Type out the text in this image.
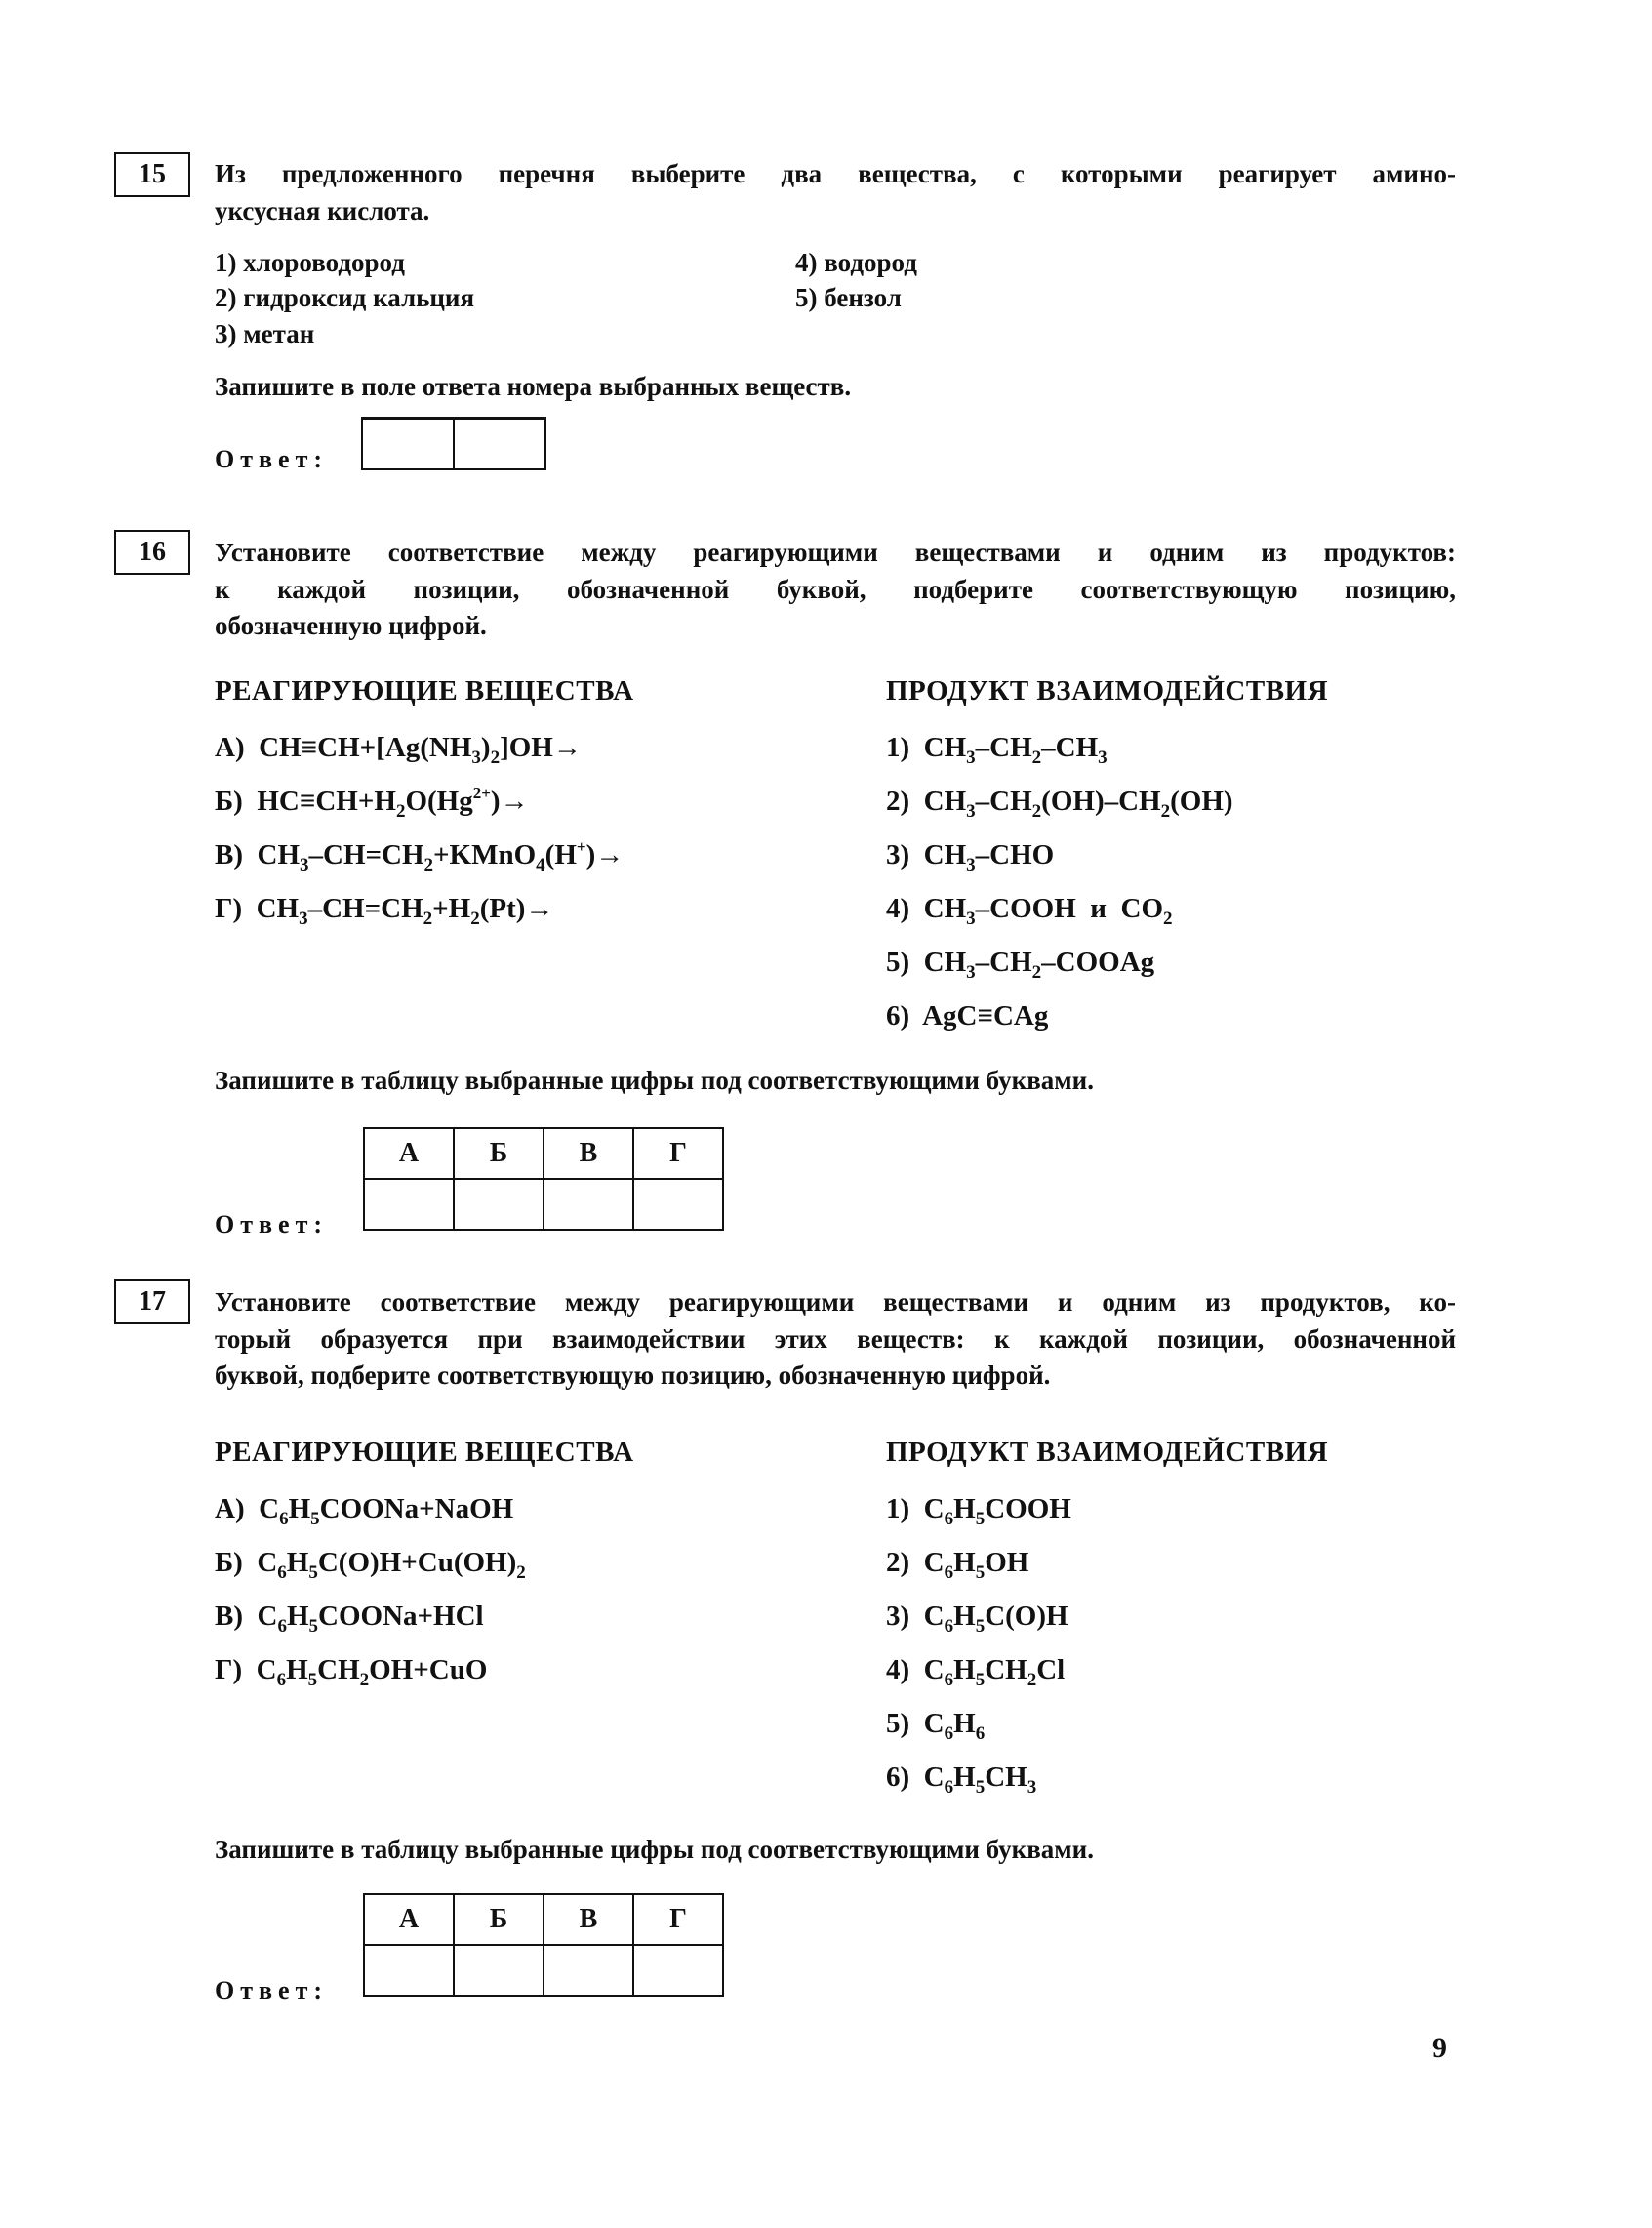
15	Из предложенного перечня выберите два вещества, с которыми реагирует амино-
уксусная кислота.
1) хлороводород
2) гидроксид кальция
3) метан
4) водород
5) бензол
Запишите в поле ответа номера выбранных веществ.
Ответ:
16	Установите соответствие между реагирующими веществами и одним из продуктов:
к каждой позиции, обозначенной буквой, подберите соответствующую позицию,
обозначенную цифрой.
РЕАГИРУЮЩИЕ ВЕЩЕСТВА	ПРОДУКТ ВЗАИМОДЕЙСТВИЯ
А) $CH\equiv CH+[Ag(NH_3)_2]OH\to$
Б) $HC\equiv CH+H_2O(Hg^{2+})\to$
В) $CH_3-CH=CH_2+KMnO_4(H^+)\to$
Г) $CH_3-CH=CH_2+H_2(Pt)\to$
1) $CH_3-CH_2-CH_3$
2) $CH_3-CH_2(OH)-CH_2(OH)$
3) $CH_3$–CHO
4) $CH_3$–COOH  и  $CO_2$
5) $CH_3-CH_2$–COOAg
6) AgC≡CAg
Запишите в таблицу выбранные цифры под соответствующими буквами.
Ответ:
А	Б	В	Г

17	Установите соответствие между реагирующими веществами и одним из продуктов, ко-
торый образуется при взаимодействии этих веществ: к каждой позиции, обозначенной
буквой, подберите соответствующую позицию, обозначенную цифрой.
РЕАГИРУЮЩИЕ ВЕЩЕСТВА	ПРОДУКТ ВЗАИМОДЕЙСТВИЯ
А) $C_6H_5COONa+NaOH$
Б) $C_6H_5C(O)H+Cu(OH)_2$
В) $C_6H_5COONa+HCl$
Г) $C_6H_5CH_2OH+CuO$
1) $C_6H_5COOH$
2) $C_6H_5OH$
3) $C_6H_5C(O)H$
4) $C_6H_5CH_2Cl$
5) $C_6H_6$
6) $C_6H_5CH_3$
Запишите в таблицу выбранные цифры под соответствующими буквами.
Ответ:
А	Б	В	Г

9
